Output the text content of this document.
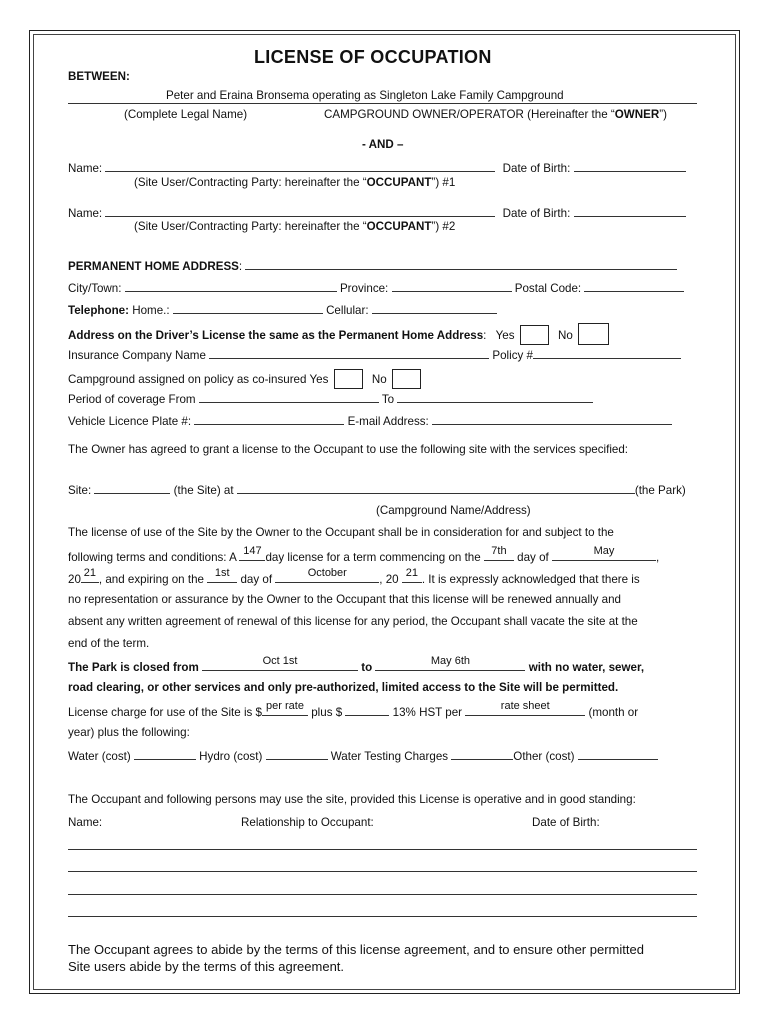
LICENSE OF OCCUPATION
BETWEEN:
Peter and Eraina Bronsema operating as Singleton Lake Family Campground
(Complete Legal Name)	CAMPGROUND OWNER/OPERATOR (Hereinafter the “OWNER”)
- AND –
Name:	Date of Birth:
(Site User/Contracting Party: hereinafter the “OCCUPANT”) #1
Name:	Date of Birth:
(Site User/Contracting Party: hereinafter the “OCCUPANT”) #2
PERMANENT HOME ADDRESS:
City/Town:	Province:	Postal Code:
Telephone: Home.:	Cellular:
Address on the Driver’s License the same as the Permanent Home Address: Yes	No
Insurance Company Name	Policy #
Campground assigned on policy as co-insured Yes	No
Period of coverage From	To
Vehicle Licence Plate #:	E-mail Address:
The Owner has agreed to grant a license to the Occupant to use the following site with the services specified:
Site:	(the Site) at	(the Park)
(Campground Name/Address)
The license of use of the Site by the Owner to the Occupant shall be in consideration for and subject to the
following terms and conditions: A 147 day license for a term commencing on the 7th day of	May	,
20 21 , and expiring on the 1st day of	October	, 20 21 . It is expressly acknowledged that there is
no representation or assurance by the Owner to the Occupant that this license will be renewed annually and
absent any written agreement of renewal of this license for any period, the Occupant shall vacate the site at the
end of the term.
The Park is closed from	Oct 1st	to	May 6th	with no water, sewer,
road clearing, or other services and only pre-authorized, limited access to the Site will be permitted.
License charge for use of the Site is $ per rate plus $	13% HST per	rate sheet	(month or
year) plus the following:
Water (cost)	Hydro (cost)	Water Testing Charges	Other (cost)
The Occupant and following persons may use the site, provided this License is operative and in good standing:
Name:	Relationship to Occupant:	Date of Birth:
The Occupant agrees to abide by the terms of this license agreement, and to ensure other permitted
Site users abide by the terms of this agreement.
